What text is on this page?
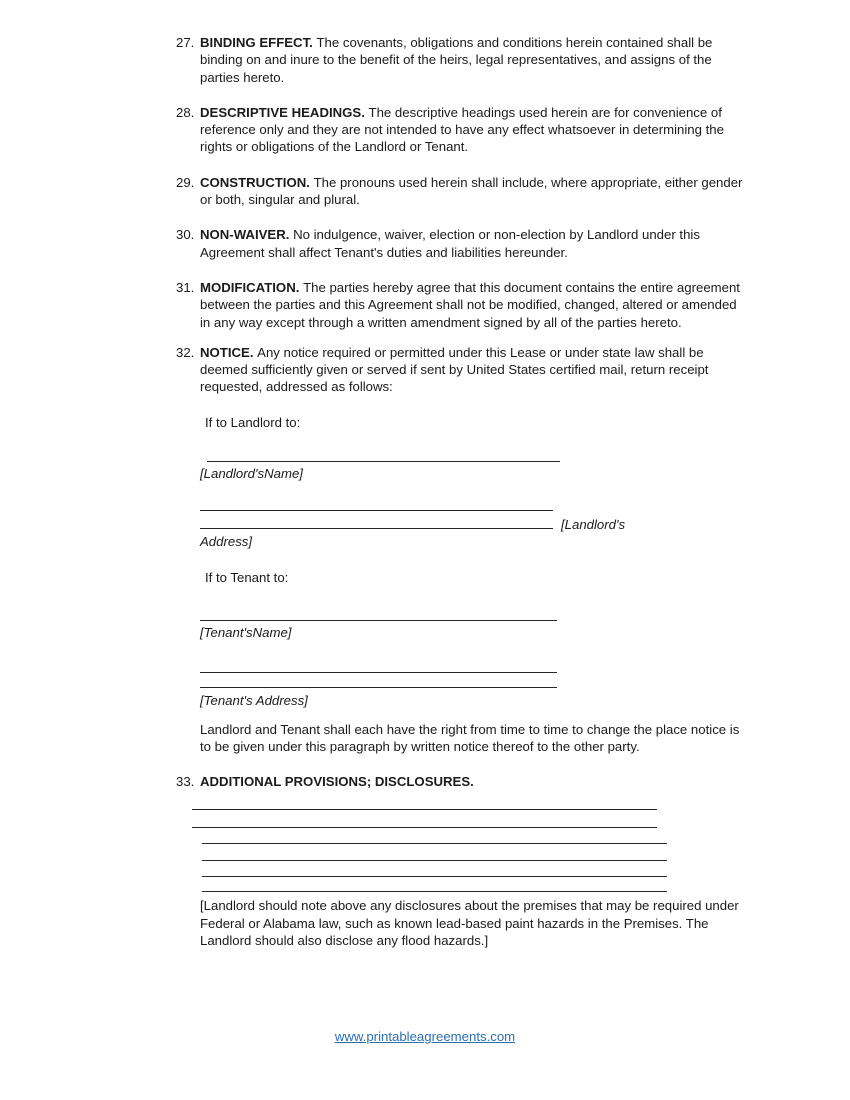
27. BINDING EFFECT. The covenants, obligations and conditions herein contained shall be binding on and inure to the benefit of the heirs, legal representatives, and assigns of the parties hereto.
28. DESCRIPTIVE HEADINGS. The descriptive headings used herein are for convenience of reference only and they are not intended to have any effect whatsoever in determining the rights or obligations of the Landlord or Tenant.
29. CONSTRUCTION. The pronouns used herein shall include, where appropriate, either gender or both, singular and plural.
30. NON-WAIVER. No indulgence, waiver, election or non-election by Landlord under this Agreement shall affect Tenant's duties and liabilities hereunder.
31. MODIFICATION. The parties hereby agree that this document contains the entire agreement between the parties and this Agreement shall not be modified, changed, altered or amended in any way except through a written amendment signed by all of the parties hereto.
32. NOTICE. Any notice required or permitted under this Lease or under state law shall be deemed sufficiently given or served if sent by United States certified mail, return receipt requested, addressed as follows:
If to Landlord to:
[Landlord'sName]
[Landlord's
Address]
If to Tenant to:
[Tenant'sName]
[Tenant's Address]
Landlord and Tenant shall each have the right from time to time to change the place notice is to be given under this paragraph by written notice thereof to the other party.
33. ADDITIONAL PROVISIONS; DISCLOSURES.
[Landlord should note above any disclosures about the premises that may be required under Federal or Alabama law, such as known lead-based paint hazards in the Premises. The Landlord should also disclose any flood hazards.]
www.printableagreements.com
